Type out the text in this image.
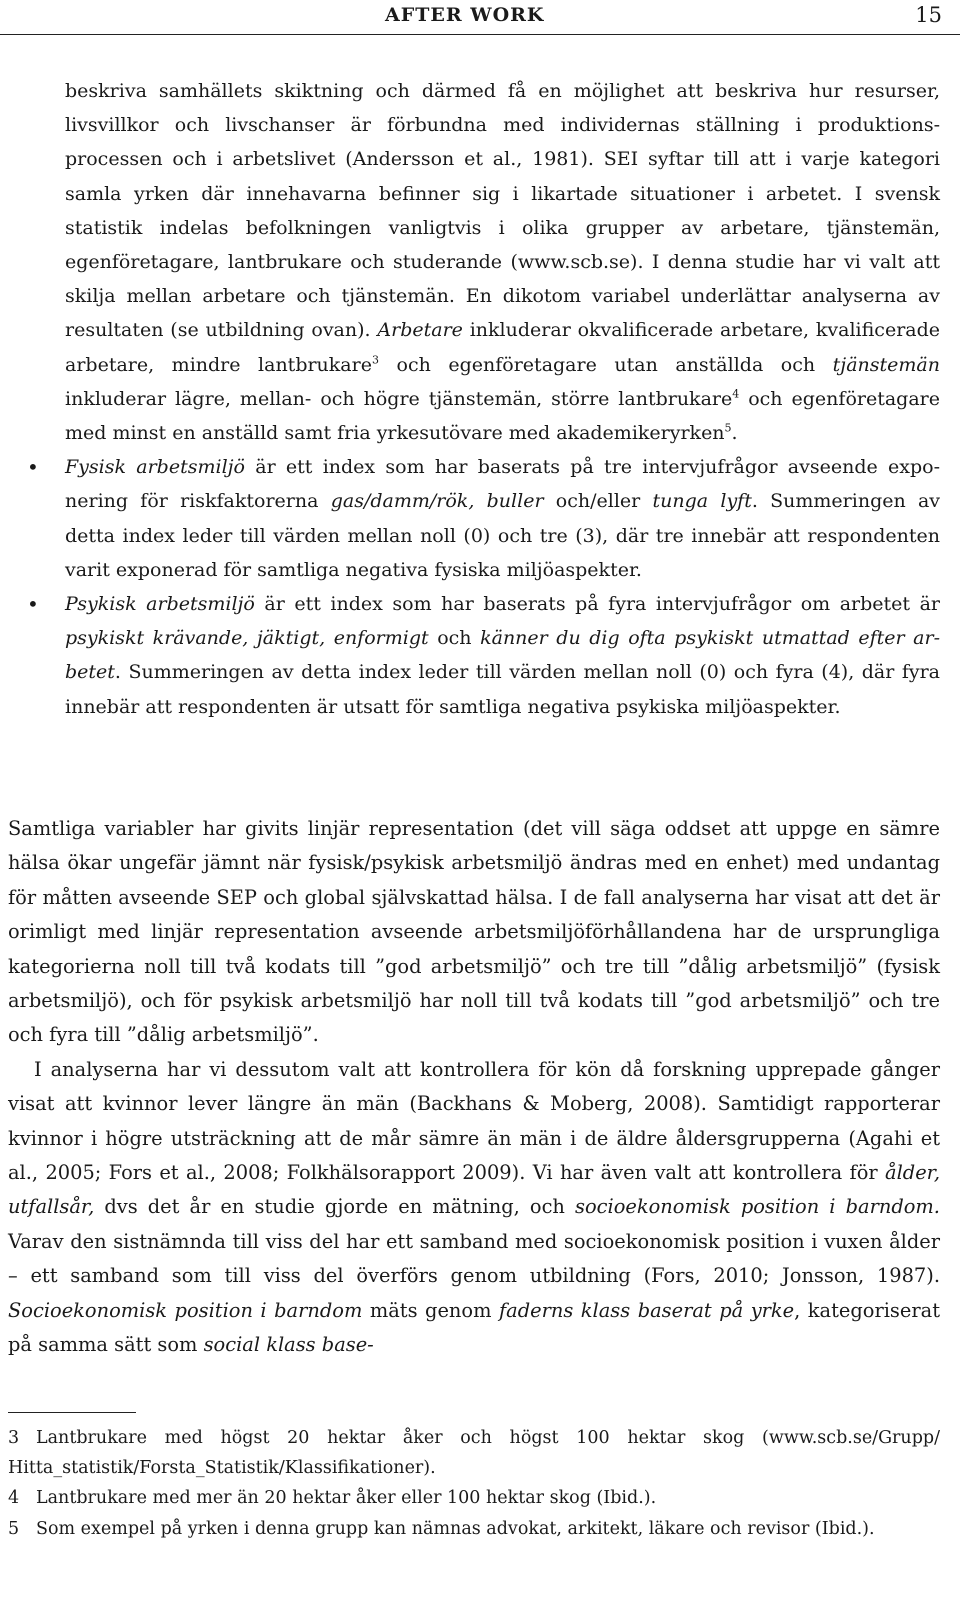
AFTER WORK	15

beskriva samhällets skiktning och därmed få en möjlighet att beskriva hur resurser, livsvillkor och livschanser är förbundna med individernas ställning i produktionsprocessen och i arbetslivet (Andersson et al., 1981). SEI syftar till att i varje kategori samla yrken där innehavarna befinner sig i likartade situationer i arbetet. I svensk statistik indelas befolkningen vanligtvis i olika grupper av arbetare, tjänstemän, egenföretagare, lantbrukare och studerande (www.scb.se). I denna studie har vi valt att skilja mellan arbetare och tjänstemän. En dikotom variabel underlättar analyserna av resultaten (se utbildning ovan). Arbetare inkluderar okvalificerade arbetare, kvalificerade arbetare, mindre lantbrukare$^3$ och egenföretagare utan anställda och tjänstemän inkluderar lägre, mellan- och högre tjänstemän, större lantbrukare$^4$ och egenföretagare med minst en anställd samt fria yrkesutövare med akademikeryrken$^5$.

• Fysisk arbetsmiljö är ett index som har baserats på tre intervjufrågor avseende exponering för riskfaktorerna gas/damm/rök, buller och/eller tunga lyft. Summeringen av detta index leder till värden mellan noll (0) och tre (3), där tre innebär att respondenten varit exponerad för samtliga negativa fysiska miljöaspekter.

• Psykisk arbetsmiljö är ett index som har baserats på fyra intervjufrågor om arbetet är psykiskt krävande, jäktigt, enformigt och känner du dig ofta psykiskt utmattad efter arbetet. Summeringen av detta index leder till värden mellan noll (0) och fyra (4), där fyra innebär att respondenten är utsatt för samtliga negativa psykiska miljöaspekter.

Samtliga variabler har givits linjär representation (det vill säga oddset att uppge en sämre hälsa ökar ungefär jämnt när fysisk/psykisk arbetsmiljö ändras med en enhet) med undantag för måtten avseende SEP och global självskattad hälsa. I de fall analyserna har visat att det är orimligt med linjär representation avseende arbetsmiljöförhållandena har de ursprungliga kategorierna noll till två kodats till ”god arbetsmiljö” och tre till ”dålig arbetsmiljö” (fysisk arbetsmiljö), och för psykisk arbetsmiljö har noll till två kodats till ”god arbetsmiljö” och tre och fyra till ”dålig arbetsmiljö”.

I analyserna har vi dessutom valt att kontrollera för kön då forskning upprepade gånger visat att kvinnor lever längre än män (Backhans & Moberg, 2008). Samtidigt rapporterar kvinnor i högre utsträckning att de mår sämre än män i de äldre åldersgrupperna (Agahi et al., 2005; Fors et al., 2008; Folkhälsorapport 2009). Vi har även valt att kontrollera för ålder, utfallsår, dvs det år en studie gjorde en mätning, och socioekonomisk position i barndom. Varav den sistnämnda till viss del har ett samband med socioekonomisk position i vuxen ålder – ett samband som till viss del överförs genom utbildning (Fors, 2010; Jonsson, 1987). Socioekonomisk position i barndom mäts genom faderns klass baserat på yrke, kategoriserat på samma sätt som social klass base-

3 Lantbrukare med högst 20 hektar åker och högst 100 hektar skog (www.scb.se/Grupp/ Hitta_statistik/Forsta_Statistik/Klassifikationer).

4 Lantbrukare med mer än 20 hektar åker eller 100 hektar skog (Ibid.).

5 Som exempel på yrken i denna grupp kan nämnas advokat, arkitekt, läkare och revisor (Ibid.).
